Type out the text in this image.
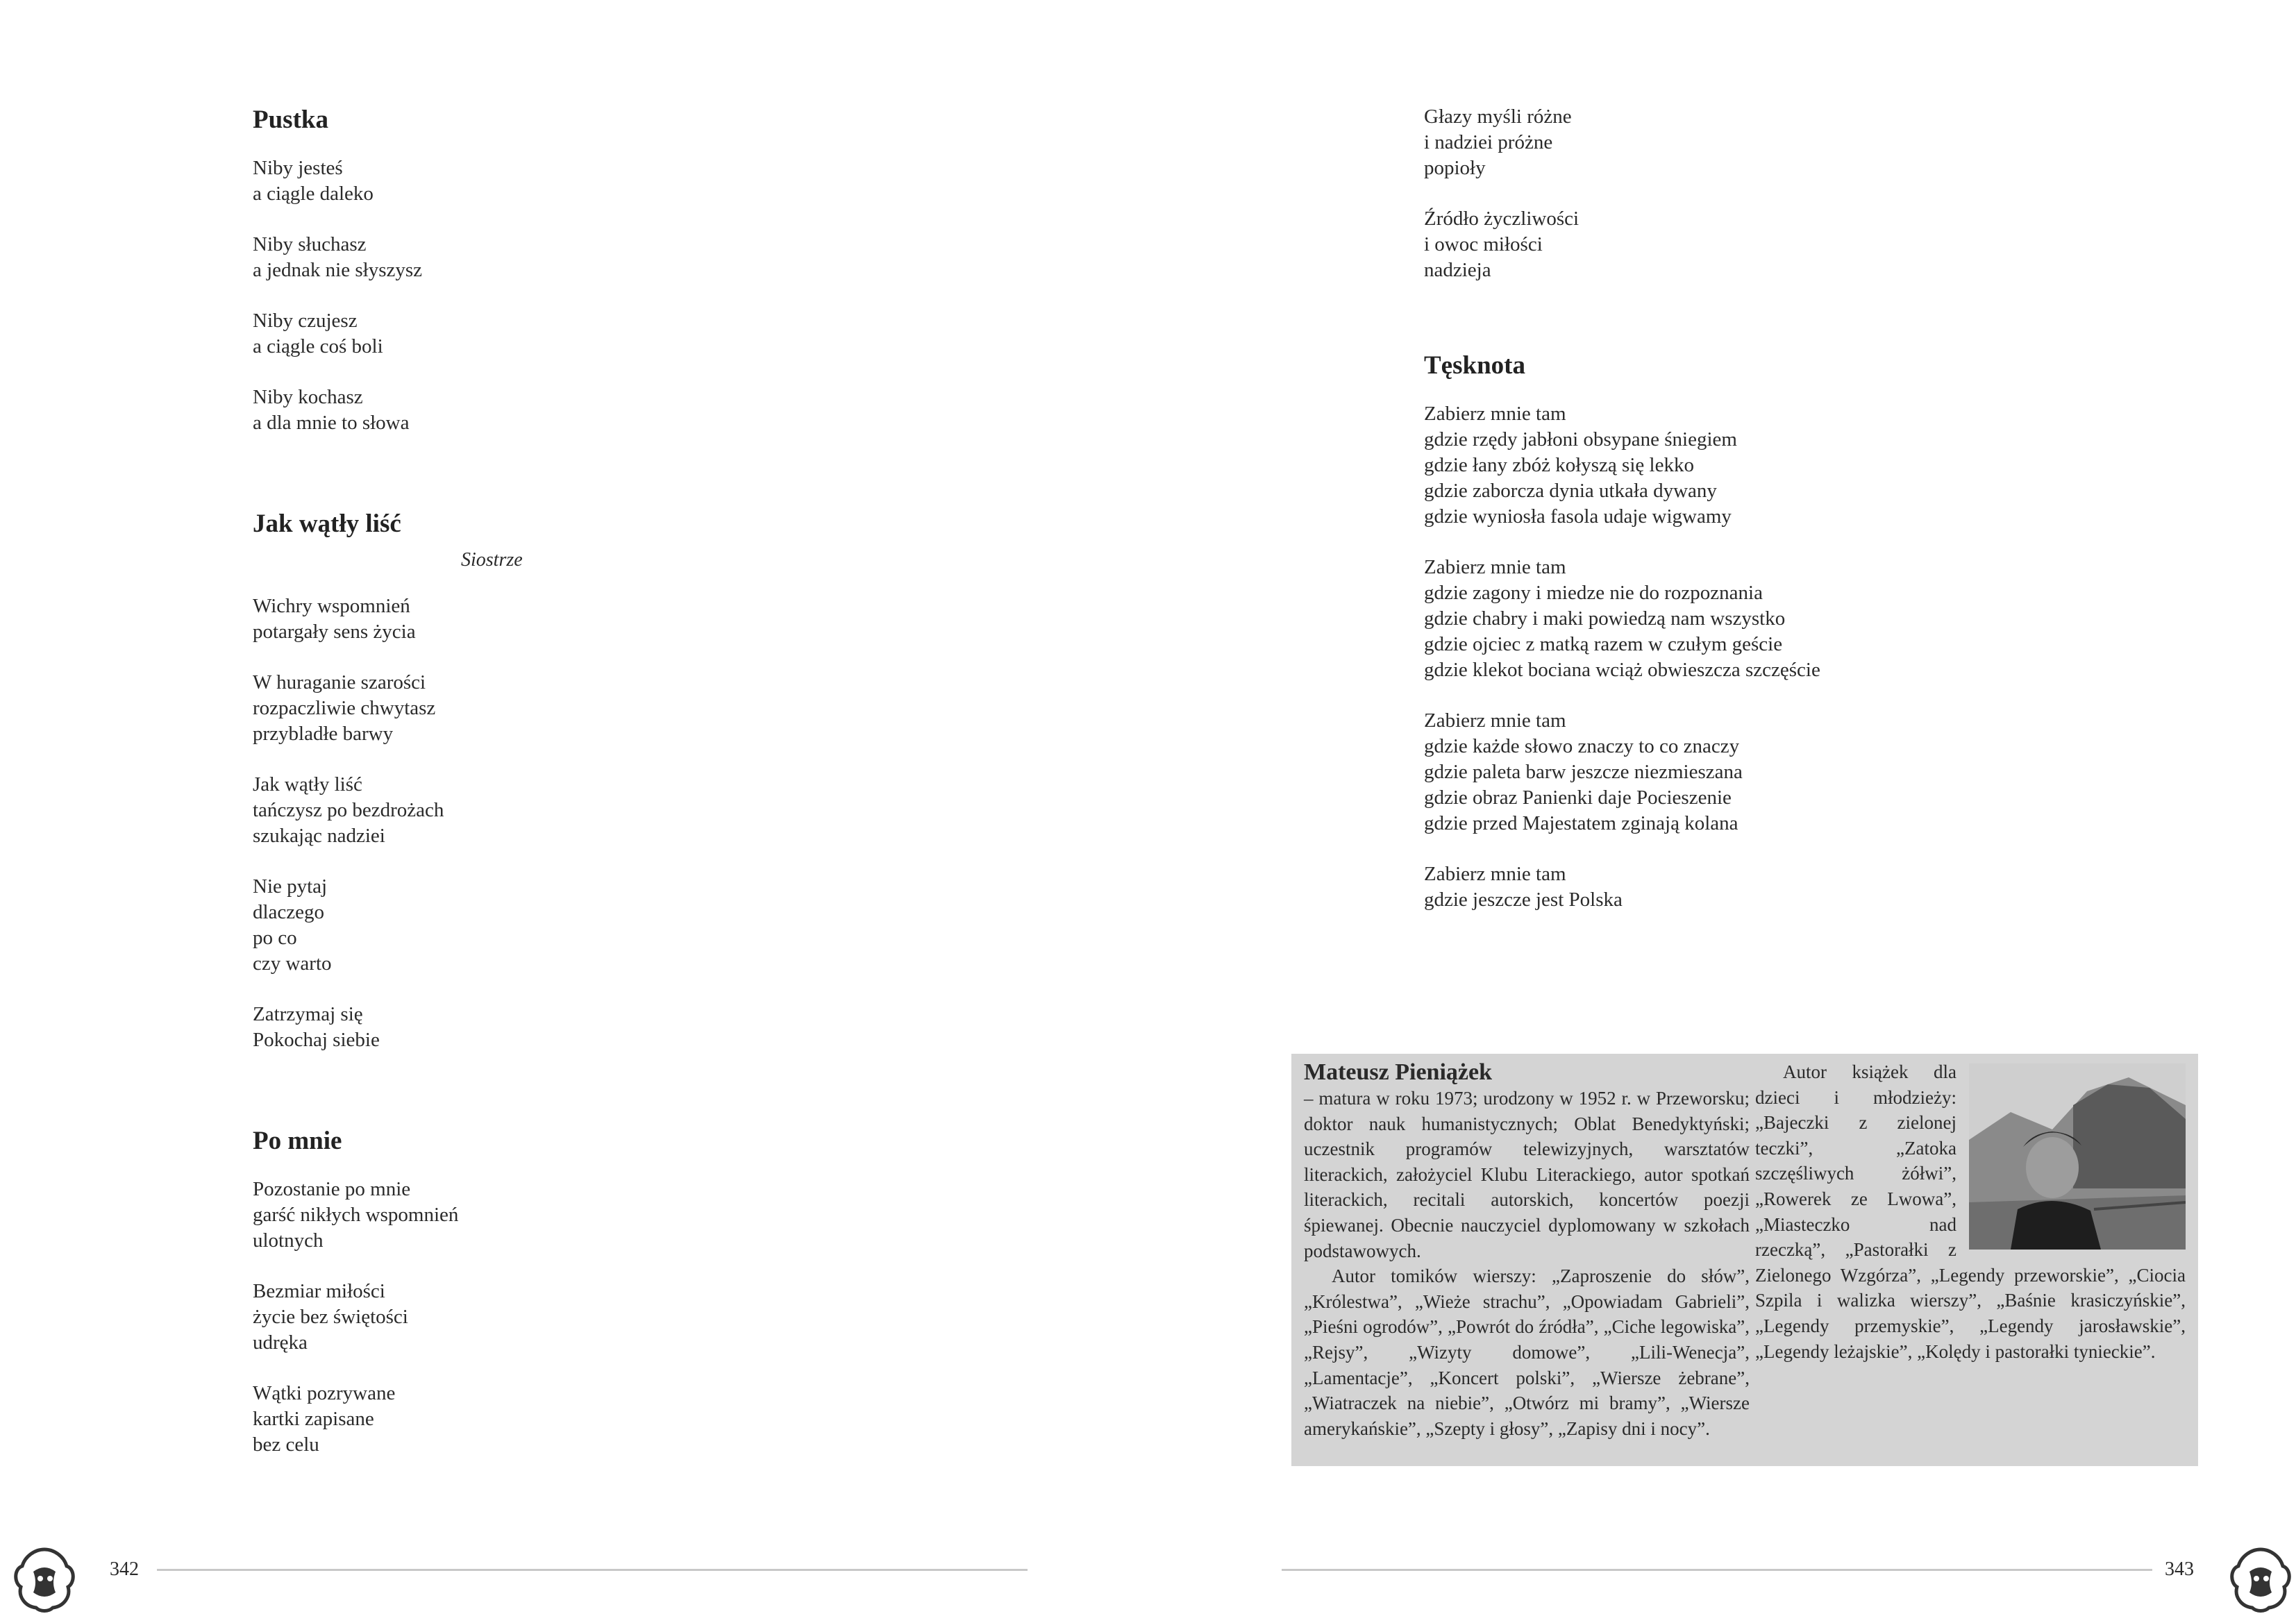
Pustka
Niby jesteś
a ciągle daleko
Niby słuchasz
a jednak nie słyszysz
Niby czujesz
a ciągle coś boli
Niby kochasz
a dla mnie to słowa
Jak wątły liść
Siostrze
Wichry wspomnień
potargały sens życia
W huraganie szarości
rozpaczliwie chwytasz
przybladłe barwy
Jak wątły liść
tańczysz po bezdrożach
szukając nadziei
Nie pytaj
dlaczego
po co
czy warto
Zatrzymaj się
Pokochaj siebie
Po mnie
Pozostanie po mnie
garść nikłych wspomnień
ulotnych
Bezmiar miłości
życie bez świętości
udręka
Wątki pozrywane
kartki zapisane
bez celu
Głazy myśli różne
i nadziei próżne
popioły
Źródło życzliwości
i owoc miłości
nadzieja
Tęsknota
Zabierz mnie tam
gdzie rzędy jabłoni obsypane śniegiem
gdzie łany zbóż kołyszą się lekko
gdzie zaborcza dynia utkała dywany
gdzie wyniosła fasola udaje wigwamy
Zabierz mnie tam
gdzie zagony i miedze nie do rozpoznania
gdzie chabry i maki powiedzą nam wszystko
gdzie ojciec z matką razem w czułym geście
gdzie klekot bociana wciąż obwieszcza szczęście
Zabierz mnie tam
gdzie każde słowo znaczy to co znaczy
gdzie paleta barw jeszcze niezmieszana
gdzie obraz Panienki daje Pocieszenie
gdzie przed Majestatem zginają kolana
Zabierz mnie tam
gdzie jeszcze jest Polska
Mateusz Pieniążek

– matura w roku 1973; urodzony w 1952 r. w Przeworsku; doktor nauk humanistycznych; Oblat Benedyktyński; uczestnik programów telewizyjnych, warsztatów literackich, założyciel Klubu Literackiego, autor spotkań literackich, recitali autorskich, koncertów poezji śpiewanej. Obecnie nauczyciel dyplomowany w szkołach podstawowych.

Autor tomików wierszy: „Zaproszenie do słów”, „Królestwa”, „Wieże strachu”, „Opowiadam Gabrieli”, „Pieśni ogrodów”, „Powrót do źródła”, „Ciche legowiska”, „Rejsy”, „Wizyty domowe”, „Lili-Wenecja”, „Lamentacje”, „Koncert polski”, „Wiersze żebrane”, „Wiatraczek na niebie”, „Otwórz mi bramy”, „Wiersze amerykańskie”, „Szepty i głosy”, „Zapisy dni i nocy”.

Autor książek dla dzieci i młodzieży: „Bajeczki z zielonej teczki”, „Zatoka szczęśliwych żółwi”, „Rowerek ze Lwowa”, „Miasteczko nad rzeczką”, „Pastorałki z Zielonego Wzgórza”, „Legendy przeworskie”, „Ciocia Szpila i walizka wierszy”, „Baśnie krasiczyńskie”, „Legendy przemyskie”, „Legendy jarosławskie”, „Legendy leżajskie”, „Kolędy i pastorałki tynieckie”.

342	343
